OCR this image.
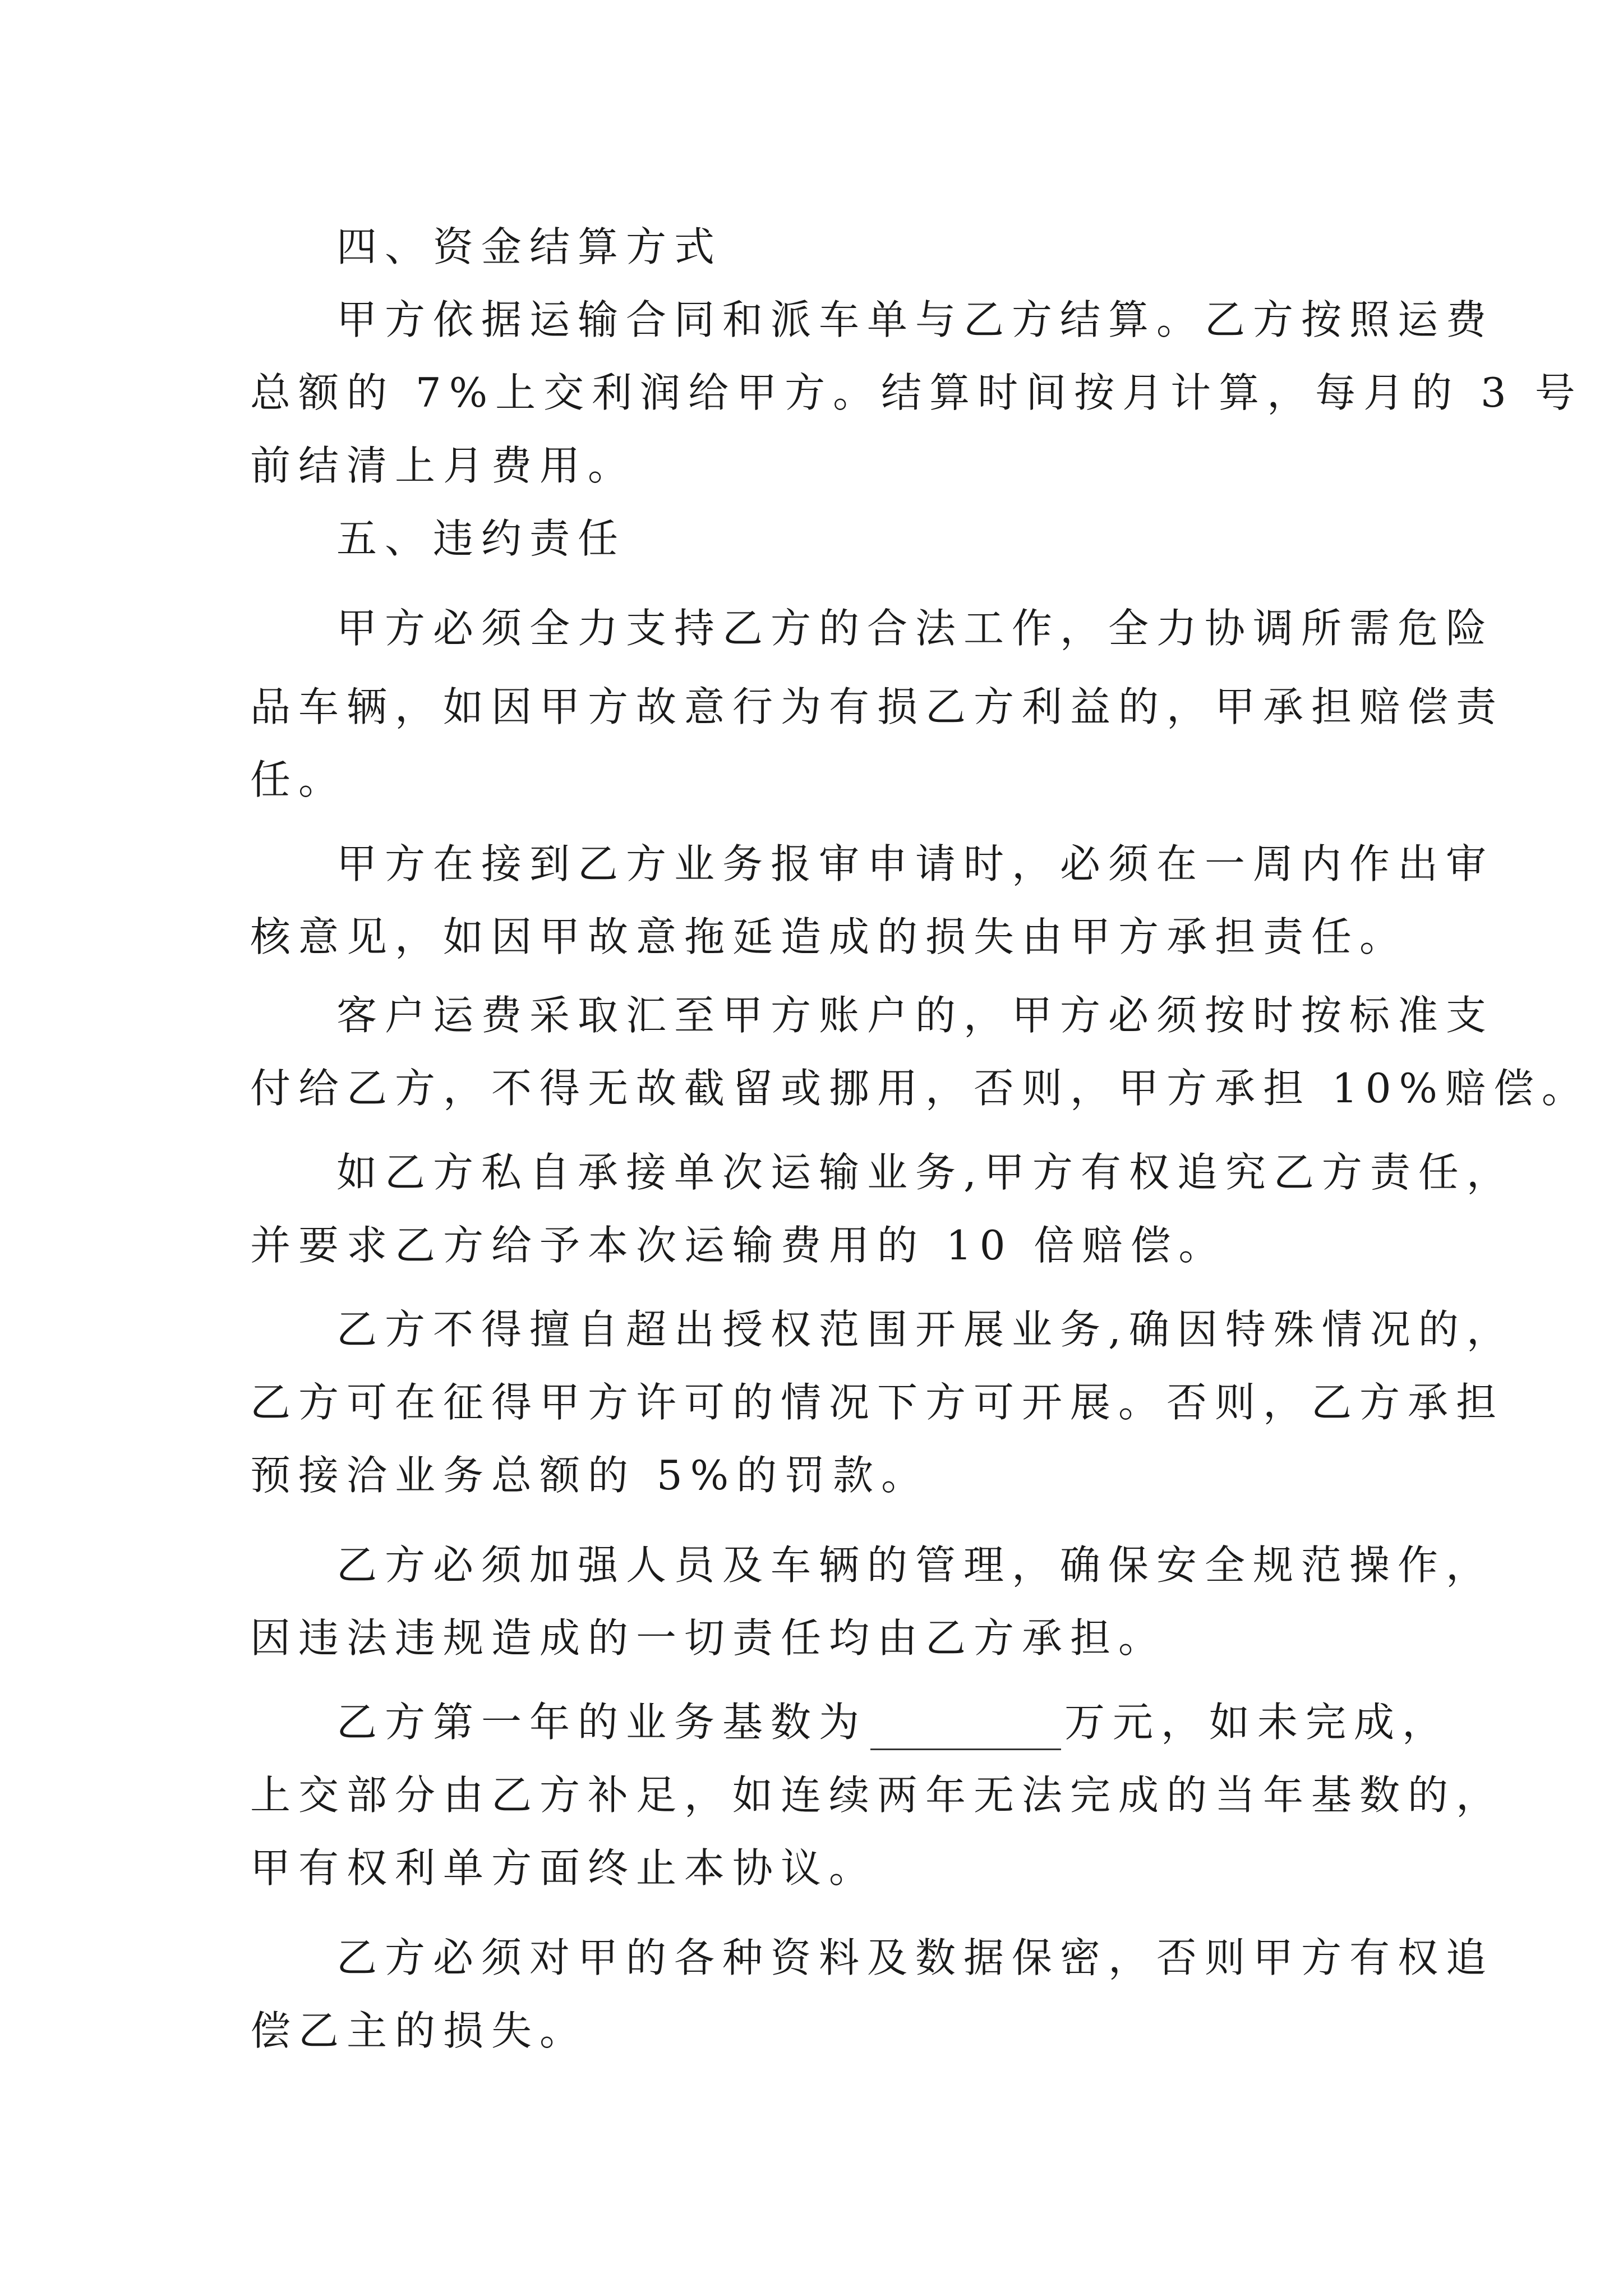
四、资金结算方式
甲方依据运输合同和派车单与乙方结算。乙方按照运费
总额的 7%上交利润给甲方。结算时间按月计算，每月的 3 号
前结清上月费用。
五、违约责任
甲方必须全力支持乙方的合法工作，全力协调所需危险
品车辆，如因甲方故意行为有损乙方利益的，甲承担赔偿责
任。
甲方在接到乙方业务报审申请时，必须在一周内作出审
核意见，如因甲故意拖延造成的损失由甲方承担责任。
客户运费采取汇至甲方账户的，甲方必须按时按标准支
付给乙方，不得无故截留或挪用，否则，甲方承担 10%赔偿。
如乙方私自承接单次运输业务,甲方有权追究乙方责任，
并要求乙方给予本次运输费用的 10 倍赔偿。
乙方不得擅自超出授权范围开展业务,确因特殊情况的，
乙方可在征得甲方许可的情况下方可开展。否则，乙方承担
预接洽业务总额的 5%的罚款。
乙方必须加强人员及车辆的管理，确保安全规范操作，
因违法违规造成的一切责任均由乙方承担。
乙方第一年的业务基数为	万元，如未完成，
上交部分由乙方补足，如连续两年无法完成的当年基数的，
甲有权利单方面终止本协议。
乙方必须对甲的各种资料及数据保密，否则甲方有权追
偿乙主的损失。
